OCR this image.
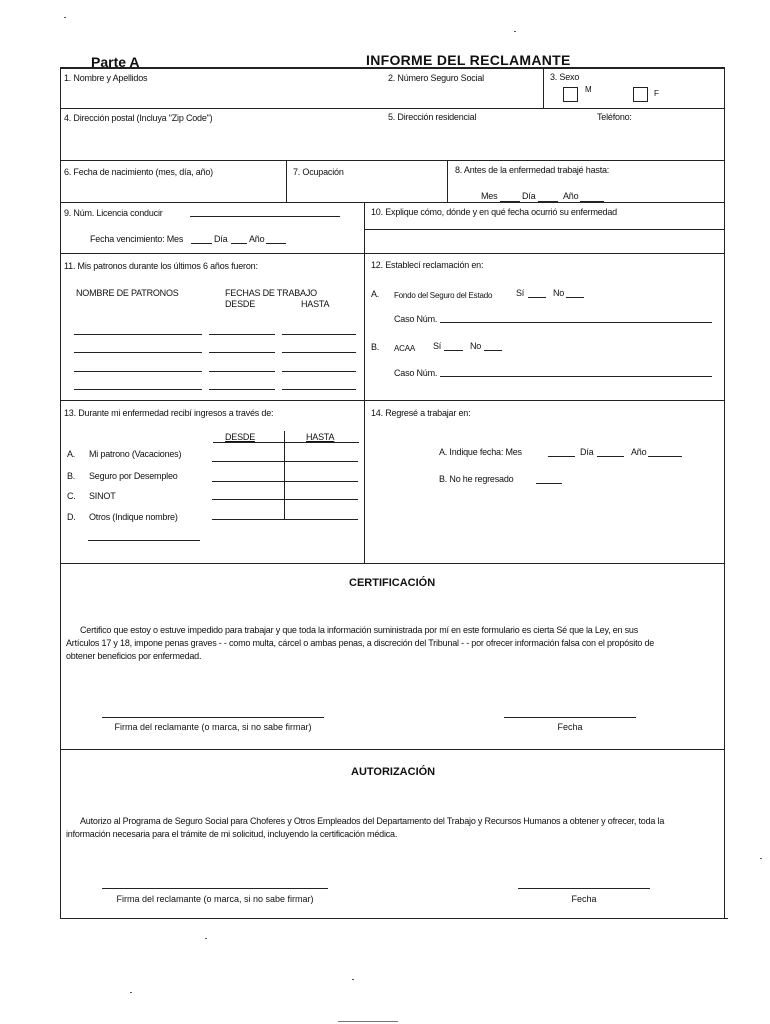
Parte A	INFORME DEL RECLAMANTE
1. Nombre y Apellidos	2. Número Seguro Social	3. Sexo
M	F
4. Dirección postal (Incluya "Zip Code")	5. Dirección residencial	Teléfono:
6. Fecha de nacimiento (mes, día, año)	7. Ocupación	8. Antes de la enfermedad trabajé hasta:
Mes	Día	Año
9. Núm. Licencia conducir
Fecha vencimiento: Mes	Día Año
10. Explique cómo, dónde y en qué fecha ocurrió su enfermedad
11. Mis patronos durante los últimos 6 años fueron:
NOMBRE DE PATRONOS	FECHAS DE TRABAJO
DESDE	HASTA
12. Establecí reclamación en:
A. Fondo del Seguro del Estado	Sí	No
Caso Núm.
B. ACAA Sí	No
Caso Núm.
13. Durante mi enfermedad recibí ingresos a través de:
DESDE	HASTA
A. Mi patrono (Vacaciones)
B. Seguro por Desempleo
C. SINOT
D. Otros (Indique nombre)
14. Regresé a trabajar en:
A. Indique fecha: Mes	Día	Año
B. No he regresado
CERTIFICACIÓN
Certifico que estoy o estuve impedido para trabajar y que toda la información suministrada por mí en este formulario es cierta Sé que la Ley, en sus
Artículos 17 y 18, impone penas graves - - como multa, cárcel o ambas penas, a discreción del Tribunal - - por ofrecer información falsa con el propósito de
obtener beneficios por enfermedad.
Firma del reclamante (o marca, si no sabe firmar)	Fecha
AUTORIZACIÓN
Autorizo al Programa de Seguro Social para Choferes y Otros Empleados del Departamento del Trabajo y Recursos Humanos a obtener y ofrecer, toda la
información necesaria para el trámite de mi solicitud, incluyendo la certificación médica.
Firma del reclamante (o marca, si no sabe firmar)	Fecha
